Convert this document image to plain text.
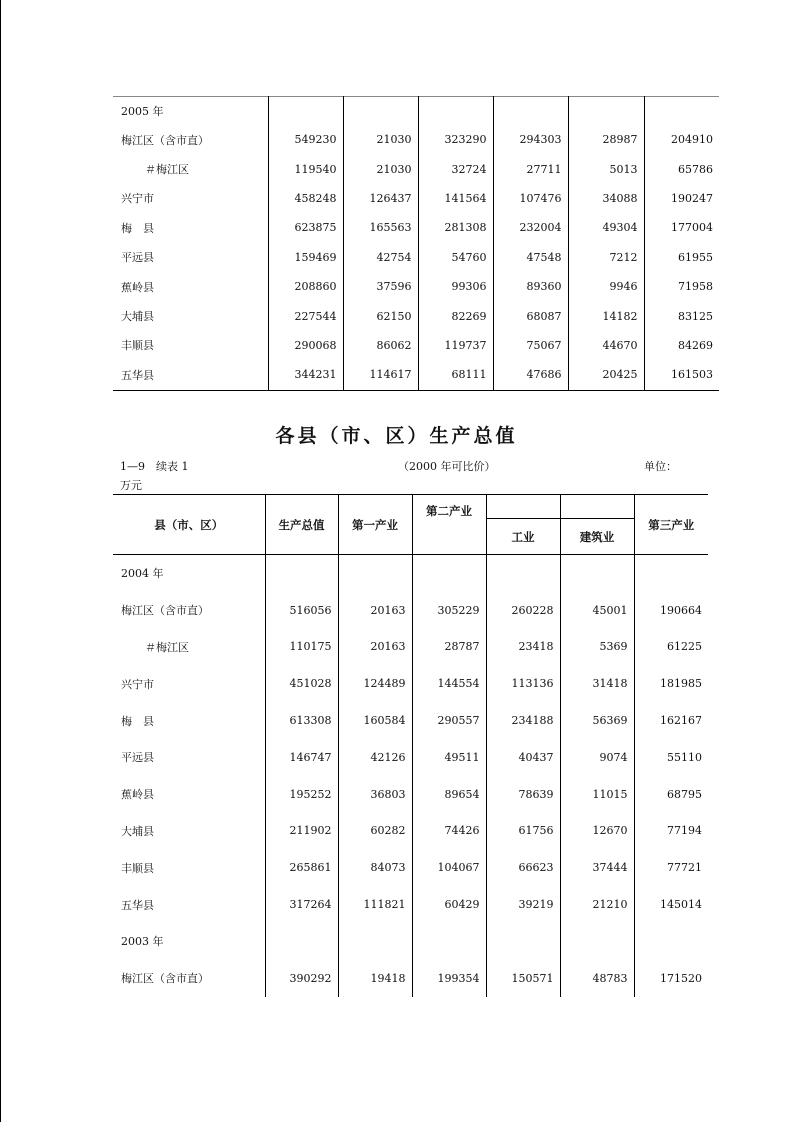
2005 年						
梅江区（含市直）	549230	21030	323290	294303	28987	204910
＃梅江区	119540	21030	32724	27711	5013	65786
兴宁市	458248	126437	141564	107476	34088	190247
梅　县	623875	165563	281308	232004	49304	177004
平远县	159469	42754	54760	47548	7212	61955
蕉岭县	208860	37596	99306	89360	9946	71958
大埔县	227544	62150	82269	68087	14182	83125
丰顺县	290068	86062	119737	75067	44670	84269
五华县	344231	114617	68111	47686	20425	161503
各县（市、区）生产总值
1—9　续表 1	（2000 年可比价）	单位：
万元
县（市、区）	生产总值	第一产业	第二产业			第三产业
				工业	建筑业	
2004 年						
梅江区（含市直）	516056	20163	305229	260228	45001	190664
＃梅江区	110175	20163	28787	23418	5369	61225
兴宁市	451028	124489	144554	113136	31418	181985
梅　县	613308	160584	290557	234188	56369	162167
平远县	146747	42126	49511	40437	9074	55110
蕉岭县	195252	36803	89654	78639	11015	68795
大埔县	211902	60282	74426	61756	12670	77194
丰顺县	265861	84073	104067	66623	37444	77721
五华县	317264	111821	60429	39219	21210	145014
2003 年						
梅江区（含市直）	390292	19418	199354	150571	48783	171520
